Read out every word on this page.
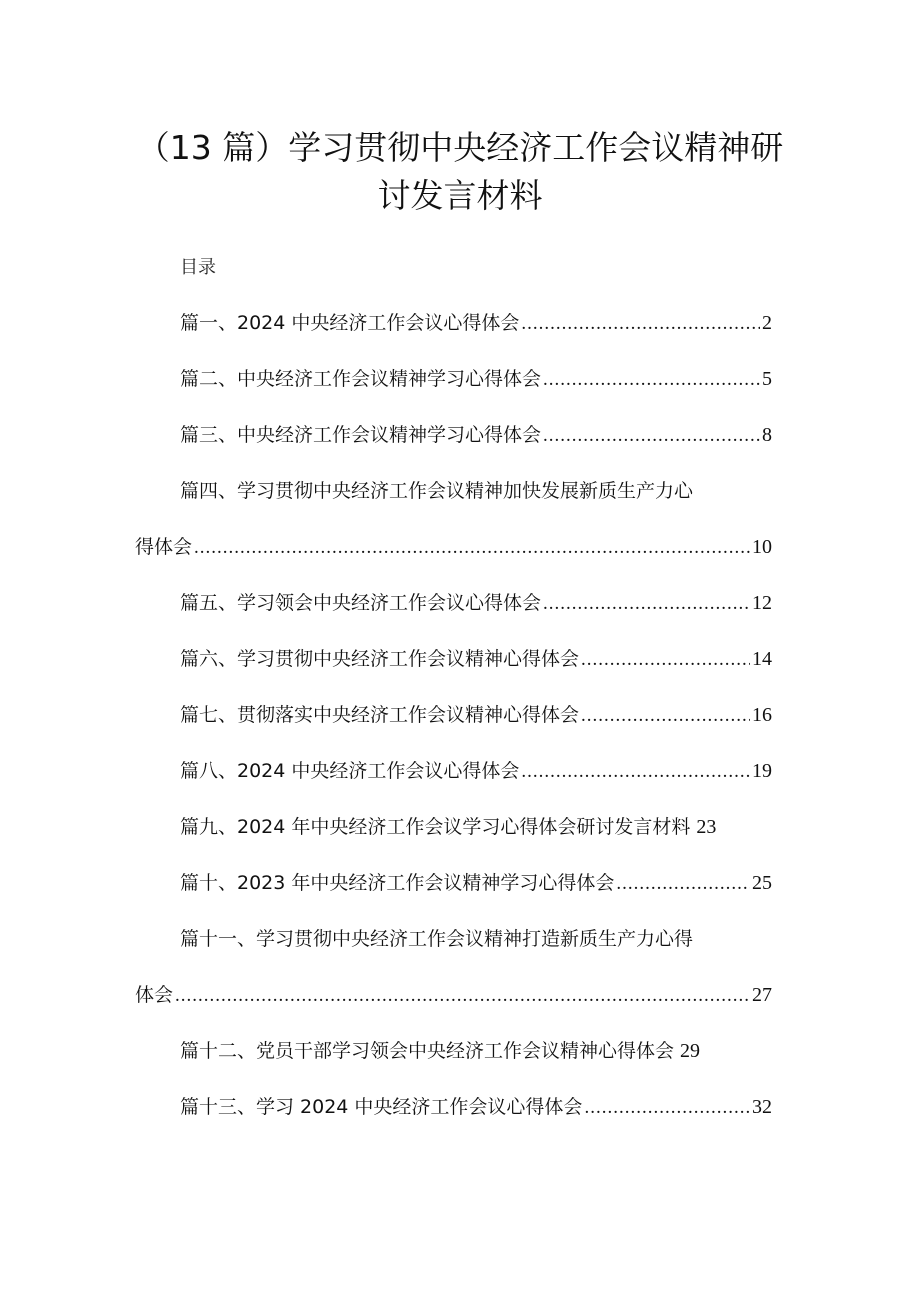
（13 篇）学习贯彻中央经济工作会议精神研
讨发言材料
目录
篇一、2024 中央经济工作会议心得体会 .....	2
篇二、中央经济工作会议精神学习心得体会 .....	5
篇三、中央经济工作会议精神学习心得体会 .....	8
篇四、学习贯彻中央经济工作会议精神加快发展新质生产力心
得体会 .....	10
篇五、学习领会中央经济工作会议心得体会 .....	12
篇六、学习贯彻中央经济工作会议精神心得体会 .....	14
篇七、贯彻落实中央经济工作会议精神心得体会 .....	16
篇八、2024 中央经济工作会议心得体会 .....	19
篇九、2024 年中央经济工作会议学习心得体会研讨发言材料 23
篇十、2023 年中央经济工作会议精神学习心得体会 .....	25
篇十一、学习贯彻中央经济工作会议精神打造新质生产力心得
体会 .....	27
篇十二、党员干部学习领会中央经济工作会议精神心得体会 29
篇十三、学习 2024 中央经济工作会议心得体会 .....	32
